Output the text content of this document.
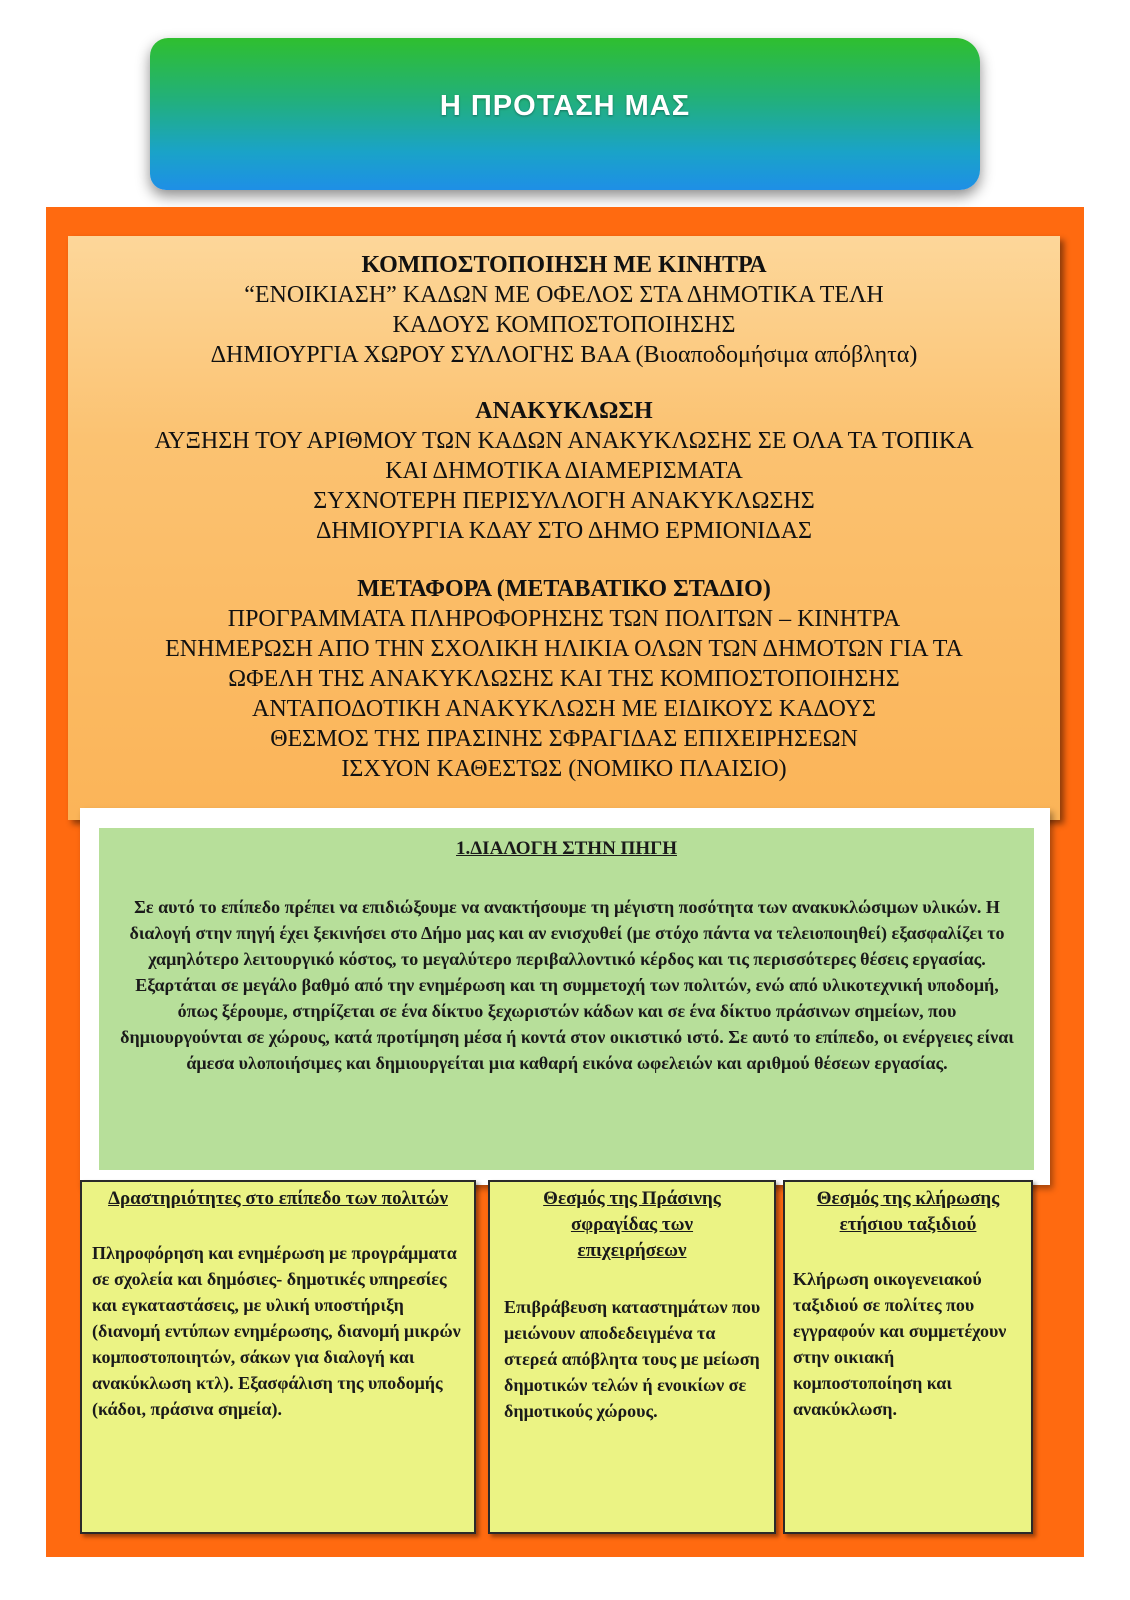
Η ΠΡΟΤΑΣΗ ΜΑΣ
ΚΟΜΠΟΣΤΟΠΟΙΗΣΗ ΜΕ ΚΙΝΗΤΡΑ
“ΕΝΟΙΚΙΑΣΗ” ΚΑΔΩΝ ΜΕ ΟΦΕΛΟΣ ΣΤΑ ΔΗΜΟΤΙΚΑ ΤΕΛΗ
ΚΑΔΟΥΣ ΚΟΜΠΟΣΤΟΠΟΙΗΣΗΣ
ΔΗΜΙΟΥΡΓΙΑ ΧΩΡΟΥ ΣΥΛΛΟΓΗΣ ΒΑΑ (Βιοαποδομήσιμα απόβλητα)
ΑΝΑΚΥΚΛΩΣΗ
ΑΥΞΗΣΗ ΤΟΥ ΑΡΙΘΜΟΥ ΤΩΝ ΚΑΔΩΝ ΑΝΑΚΥΚΛΩΣΗΣ ΣΕ ΟΛΑ ΤΑ ΤΟΠΙΚΑ
ΚΑΙ ΔΗΜΟΤΙΚΑ ΔΙΑΜΕΡΙΣΜΑΤΑ
ΣΥΧΝΟΤΕΡΗ ΠΕΡΙΣΥΛΛΟΓΗ ΑΝΑΚΥΚΛΩΣΗΣ
ΔΗΜΙΟΥΡΓΙΑ ΚΔΑΥ ΣΤΟ ΔΗΜΟ ΕΡΜΙΟΝΙΔΑΣ
ΜΕΤΑΦΟΡΑ (ΜΕΤΑΒΑΤΙΚΟ ΣΤΑΔΙΟ)
ΠΡΟΓΡΑΜΜΑΤΑ ΠΛΗΡΟΦΟΡΗΣΗΣ ΤΩΝ ΠΟΛΙΤΩΝ – ΚΙΝΗΤΡΑ
ΕΝΗΜΕΡΩΣΗ ΑΠΟ ΤΗΝ ΣΧΟΛΙΚΗ ΗΛΙΚΙΑ ΟΛΩΝ ΤΩΝ ΔΗΜΟΤΩΝ ΓΙΑ ΤΑ
ΩΦΕΛΗ ΤΗΣ ΑΝΑΚΥΚΛΩΣΗΣ ΚΑΙ ΤΗΣ ΚΟΜΠΟΣΤΟΠΟΙΗΣΗΣ
ΑΝΤΑΠΟΔΟΤΙΚΗ ΑΝΑΚΥΚΛΩΣΗ ΜΕ ΕΙΔΙΚΟΥΣ ΚΑΔΟΥΣ
ΘΕΣΜΟΣ ΤΗΣ ΠΡΑΣΙΝΗΣ ΣΦΡΑΓΙΔΑΣ ΕΠΙΧΕΙΡΗΣΕΩΝ
ΙΣΧΥΟΝ ΚΑΘΕΣΤΩΣ (ΝΟΜΙΚΟ ΠΛΑΙΣΙΟ)
1.ΔΙΑΛΟΓΗ ΣΤΗΝ ΠΗΓΗ
Σε αυτό το επίπεδο πρέπει να επιδιώξουμε να ανακτήσουμε τη μέγιστη ποσότητα των ανακυκλώσιμων υλικών. Η διαλογή στην πηγή έχει ξεκινήσει στο Δήμο μας και αν ενισχυθεί (με στόχο πάντα να τελειοποιηθεί) εξασφαλίζει το χαμηλότερο λειτουργικό κόστος, το μεγαλύτερο περιβαλλοντικό κέρδος και τις περισσότερες θέσεις εργασίας. Εξαρτάται σε μεγάλο βαθμό από την ενημέρωση και τη συμμετοχή των πολιτών, ενώ από υλικοτεχνική υποδομή, όπως ξέρουμε, στηρίζεται σε ένα δίκτυο ξεχωριστών κάδων και σε ένα δίκτυο πράσινων σημείων, που δημιουργούνται σε χώρους, κατά προτίμηση μέσα ή κοντά στον οικιστικό ιστό. Σε αυτό το επίπεδο, οι ενέργειες είναι άμεσα υλοποιήσιμες και δημιουργείται μια καθαρή εικόνα ωφελειών και αριθμού θέσεων εργασίας.
Δραστηριότητες στο επίπεδο των πολιτών
Πληροφόρηση και ενημέρωση με προγράμματα σε σχολεία και δημόσιες- δημοτικές υπηρεσίες και εγκαταστάσεις, με υλική υποστήριξη (διανομή εντύπων ενημέρωσης, διανομή μικρών κομποστοποιητών, σάκων για διαλογή και ανακύκλωση κτλ). Εξασφάλιση της υποδομής (κάδοι, πράσινα σημεία).
Θεσμός της Πράσινης σφραγίδας των επιχειρήσεων
Επιβράβευση καταστημάτων που μειώνουν αποδεδειγμένα τα στερεά απόβλητα τους με μείωση δημοτικών τελών ή ενοικίων σε δημοτικούς χώρους.
Θεσμός της κλήρωσης ετήσιου ταξιδιού
Κλήρωση οικογενειακού ταξιδιού σε πολίτες που εγγραφούν και συμμετέχουν στην οικιακή κομποστοποίηση και ανακύκλωση.
